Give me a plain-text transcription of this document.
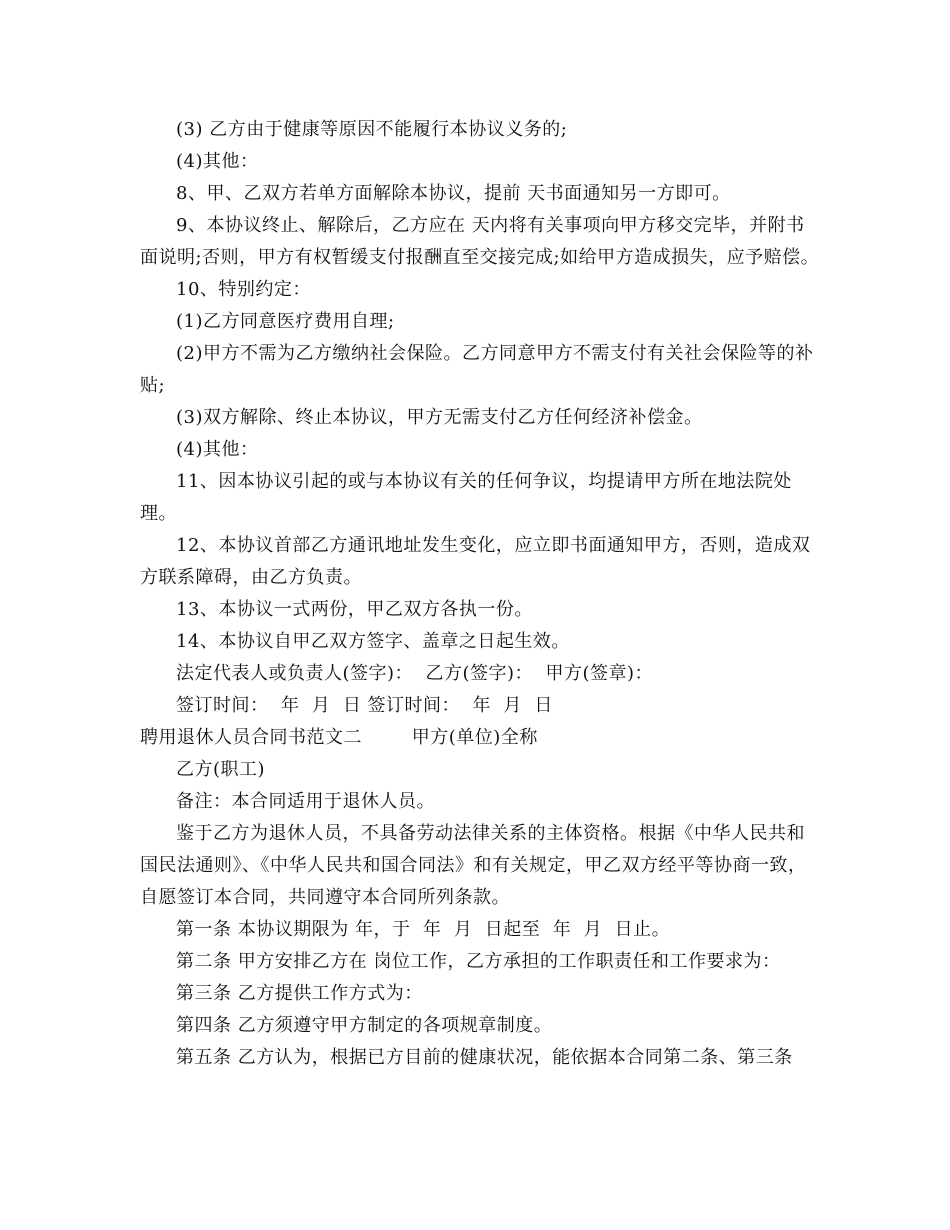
(3) 乙方由于健康等原因不能履行本协议义务的;

(4)其他：

8、甲、乙双方若单方面解除本协议，提前 天书面通知另一方即可。

9、本协议终止、解除后，乙方应在 天内将有关事项向甲方移交完毕，并附书面说明;否则，甲方有权暂缓支付报酬直至交接完成;如给甲方造成损失，应予赔偿。

10、特别约定：

(1)乙方同意医疗费用自理;

(2)甲方不需为乙方缴纳社会保险。乙方同意甲方不需支付有关社会保险等的补贴;

(3)双方解除、终止本协议，甲方无需支付乙方任何经济补偿金。

(4)其他：

11、因本协议引起的或与本协议有关的任何争议，均提请甲方所在地法院处理。

12、本协议首部乙方通讯地址发生变化，应立即书面通知甲方，否则，造成双方联系障碍，由乙方负责。

13、本协议一式两份，甲乙双方各执一份。

14、本协议自甲乙双方签字、盖章之日起生效。

法定代表人或负责人(签字)：  乙方(签字)：  甲方(签章)：

签订时间：  年  月  日 签订时间：  年  月  日

聘用退休人员合同书范文二        甲方(单位)全称

乙方(职工)

备注：本合同适用于退休人员。

鉴于乙方为退休人员，不具备劳动法律关系的主体资格。根据《中华人民共和国民法通则》、《中华人民共和国合同法》和有关规定，甲乙双方经平等协商一致，自愿签订本合同，共同遵守本合同所列条款。

第一条 本协议期限为 年，于  年  月  日起至  年  月  日止。

第二条 甲方安排乙方在 岗位工作，乙方承担的工作职责任和工作要求为：

第三条 乙方提供工作方式为：

第四条 乙方须遵守甲方制定的各项规章制度。

第五条 乙方认为，根据已方目前的健康状况，能依据本合同第二条、第三条
